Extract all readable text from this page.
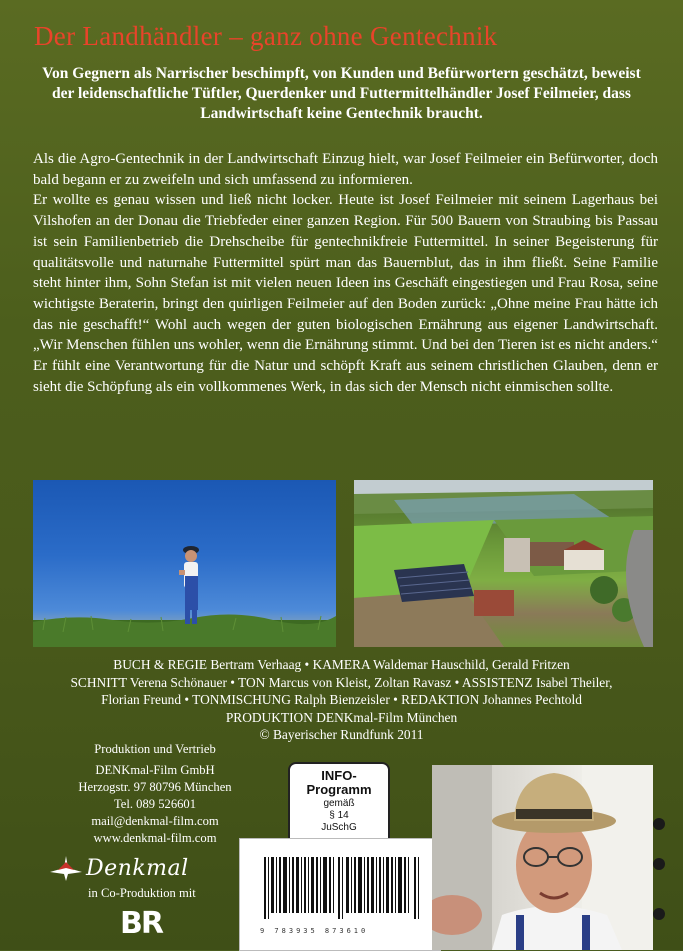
Der Landhändler – ganz ohne Gentechnik
Von Gegnern als Narrischer beschimpft, von Kunden und Befürwortern geschätzt, beweist der leidenschaftliche Tüftler, Querdenker und Futtermittelhändler Josef Feilmeier, dass Landwirtschaft keine Gentechnik braucht.

Als die Agro-Gentechnik in der Landwirtschaft Einzug hielt, war Josef Feilmeier ein Befürworter, doch bald begann er zu zweifeln und sich umfassend zu informieren.

Er wollte es genau wissen und ließ nicht locker. Heute ist Josef Feilmeier mit seinem Lagerhaus bei Vilshofen an der Donau die Triebfeder einer ganzen Region. Für 500 Bauern von Straubing bis Passau ist sein Familienbetrieb die Drehscheibe für gentechnikfreie Futtermittel. In seiner Begeisterung für qualitätsvolle und naturnahe Futtermittel spürt man das Bauernblut, das in ihm fließt. Seine Familie steht hinter ihm, Sohn Stefan ist mit vielen neuen Ideen ins Geschäft eingestiegen und Frau Rosa, seine wichtigste Beraterin, bringt den quirligen Feilmeier auf den Boden zurück: „Ohne meine Frau hätte ich das nie geschafft!“ Wohl auch wegen der guten biologischen Ernährung aus eigener Landwirtschaft. „Wir Menschen fühlen uns wohler, wenn die Ernährung stimmt. Und bei den Tieren ist es nicht anders.“

Er fühlt eine Verantwortung für die Natur und schöpft Kraft aus seinem christlichen Glauben, denn er sieht die Schöpfung als ein vollkommenes Werk, in das sich der Mensch nicht einmischen sollte.

BUCH & REGIE Bertram Verhaag • KAMERA Waldemar Hauschild, Gerald Fritzen
SCHNITT Verena Schönauer • TON Marcus von Kleist, Zoltan Ravasz • ASSISTENZ Isabel Theiler,
Florian Freund • TONMISCHUNG Ralph Bienzeisler • REDAKTION Johannes Pechtold
PRODUKTION DENKmal-Film München
© Bayerischer Rundfunk 2011
Produktion und Vertrieb
DENKmal-Film GmbH
Herzogstr. 97 80796 München
Tel. 089 526601
mail@denkmal-film.com
www.denkmal-film.com
Denkmal
in Co-Produktion mit
BR
INFO-
Programm
gemäß
§ 14
JuSchG
9 783935 873610
